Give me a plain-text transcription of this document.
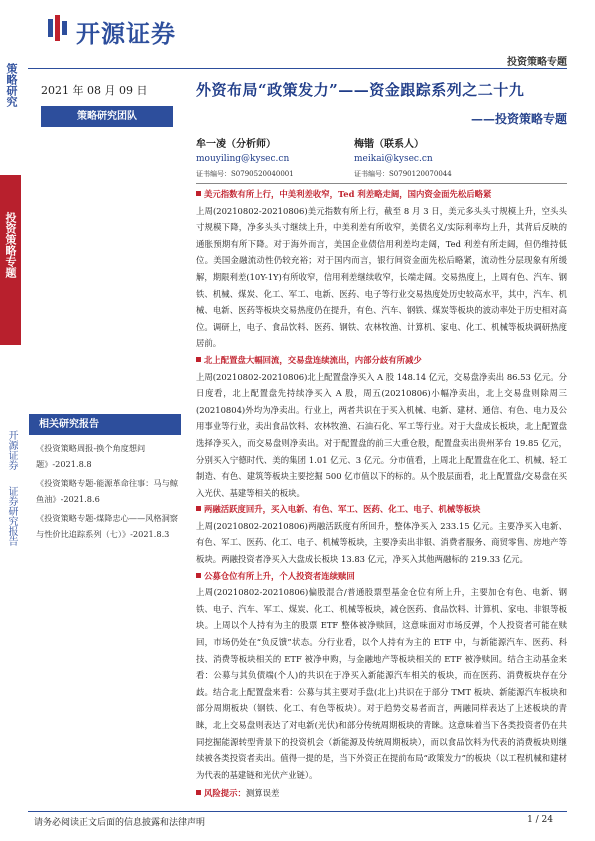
开源证券
投资策略专题
策略研究
投资策略专题
开源证券
证券研究报告
2021 年 08 月 09 日
策略研究团队
外资布局“政策发力”——资金跟踪系列之二十九
——投资策略专题
牟一凌（分析师）
mouyiling@kysec.cn
证书编号：S0790520040001
梅锴（联系人）
meikai@kysec.cn
证书编号：S0790120070044
相关研究报告
《投资策略周报-换个角度想问题》-2021.8.8
《投资策略专题-能源革命往事：马与鲸鱼油》-2021.8.6
《投资策略专题-煤降忠心——风格洞察与性价比追踪系列（七）》-2021.8.3
美元指数有所上行，中美利差收窄，Ted 利差略走阔，国内资金面先松后略紧
上周(20210802-20210806)美元指数有所上行，截至 8 月 3 日，美元多头头寸规模上升，空头头寸规模下降，净多头头寸继续上升，中美利差有所收窄，美债名义/实际利率均上升，其背后反映的通胀预期有所下降。对于海外而言，美国企业债信用利差均走阔，Ted 利差有所走阔，但仍维持低位。美国金融流动性仍较充裕；对于国内而言，银行间资金面先松后略紧，流动性分层现象有所缓解，期限利差(10Y-1Y)有所收窄，信用利差继续收窄，长端走阔。交易热度上，上周有色、汽车、钢铁、机械、煤炭、化工、军工、电新、医药、电子等行业交易热度处历史较高水平，其中，汽车、机械、电新、医药等板块交易热度仍在提升，有色、汽车、钢铁、煤炭等板块的波动率处于历史相对高位。调研上，电子、食品饮料、医药、钢铁、农林牧渔、计算机、家电、化工、机械等板块调研热度居前。
北上配置盘大幅回流，交易盘连续流出，内部分歧有所减少
上周(20210802-20210806)北上配置盘净买入 A 股 148.14 亿元，交易盘净卖出 86.53 亿元。分日度看，北上配置盘先持续净买入 A 股，周五(20210806)小幅净卖出，北上交易盘则除周三(20210804)外均为净卖出。行业上，两者共识在于买入机械、电新、建材、通信、有色、电力及公用事业等行业，卖出食品饮料、农林牧渔、石油石化、军工等行业。对于大盘成长板块，北上配置盘选择净买入，而交易盘则净卖出。对于配置盘的前三大重仓股，配置盘卖出贵州茅台 19.85 亿元，分别买入宁德时代、美的集团 1.01 亿元、3 亿元。分市值看，上周北上配置盘在化工、机械、轻工制造、有色、建筑等板块主要挖掘 500 亿市值以下的标的。从个股层面看，北上配置盘/交易盘在买入光伏、基建等相关的板块。
两融活跃度回升，买入电新、有色、军工、医药、化工、电子、机械等板块
上周(20210802-20210806)两融活跃度有所回升，整体净买入 233.15 亿元。主要净买入电新、有色、军工、医药、化工、电子、机械等板块，主要净卖出非银、消费者服务、商贸零售、房地产等板块。两融投资者净买入大盘成长板块 13.83 亿元，净买入其他两融标的 219.33 亿元。
公募仓位有所上升，个人投资者连续赎回
上周(20210802-20210806)偏股混合/普通股票型基金仓位有所上升，主要加仓有色、电新、钢铁、电子、汽车、军工、煤炭、化工、机械等板块，减仓医药、食品饮料、计算机、家电、非银等板块。上周以个人持有为主的股票 ETF 整体被净赎回，这意味面对市场反弹，个人投资者可能在赎回，市场仍处在“负反馈”状态。分行业看，以个人持有为主的 ETF 中，与新能源汽车、医药、科技、消费等板块相关的 ETF 被净申购，与金融地产等板块相关的 ETF 被净赎回。结合主动基金来看：公募与其负债端(个人)的共识在于净买入新能源汽车相关的板块，而在医药、消费板块存在分歧。结合北上配置盘来看：公募与其主要对手盘(北上)共识在于部分 TMT 板块、新能源汽车板块和部分周期板块（钢铁、化工、有色等板块）。对于趋势交易者而言，两融同样表达了上述板块的青睐，北上交易盘则表达了对电新(光伏)和部分传统周期板块的青睐。这意味着当下各类投资者仍在共同挖掘能源转型背景下的投资机会（新能源及传统周期板块），而以食品饮料为代表的消费板块则继续被各类投资者卖出。值得一提的是，当下外资正在提前布局“政策发力”的板块（以工程机械和建材为代表的基建链和光伏产业链）。
风险提示：测算误差
请务必阅读正文后面的信息披露和法律声明	1 / 24
